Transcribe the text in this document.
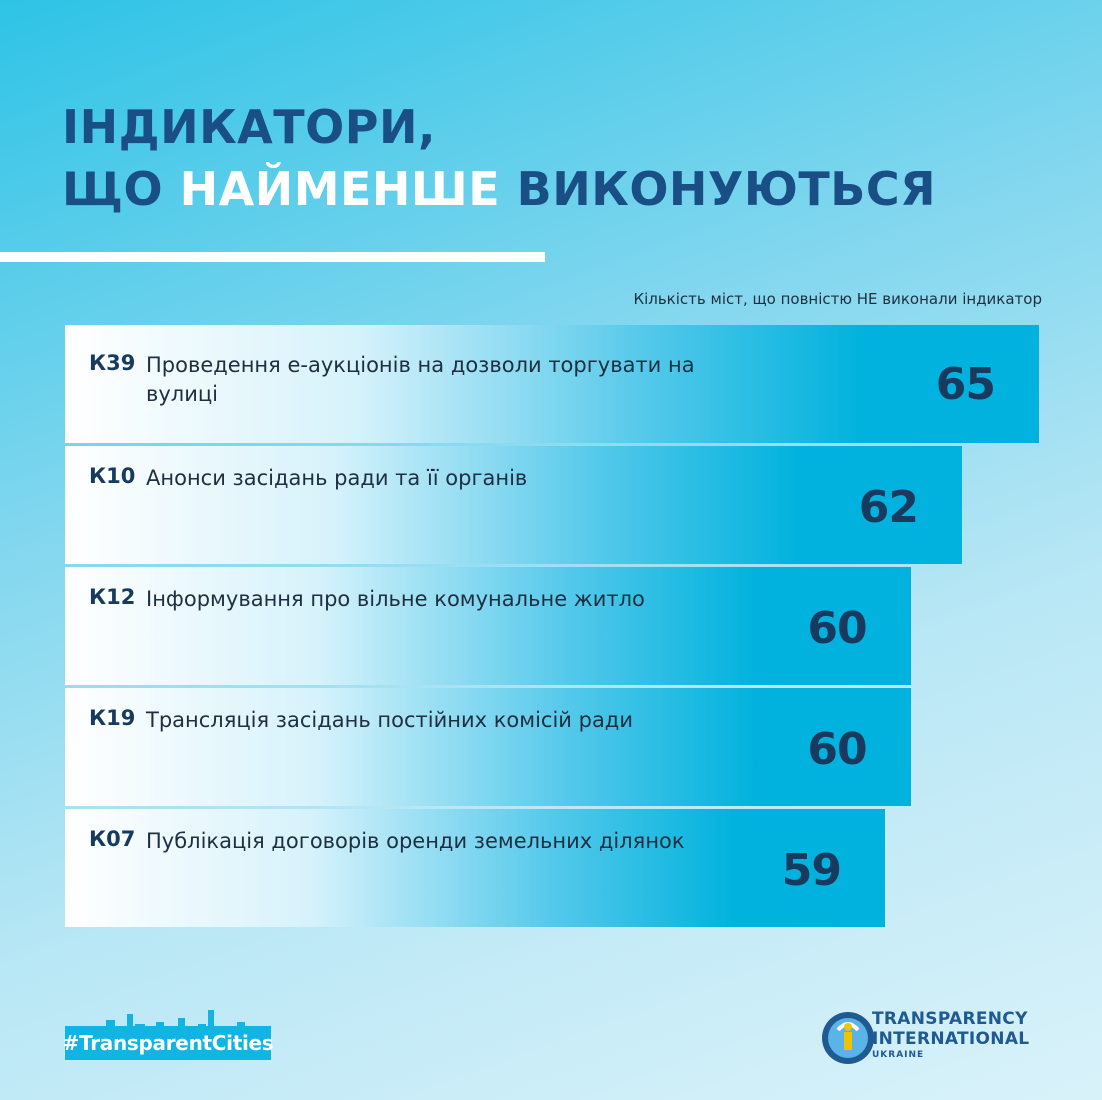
ІНДИКАТОРИ,
ЩО НАЙМЕНШЕ ВИКОНУЮТЬСЯ
Кількість міст, що повністю НЕ виконали індикатор
К39 Проведення е-аукціонів на дозволи торгувати на вулиці	65
К10 Анонси засідань ради та її органів
62
К12 Інформування про вільне комунальне житло
60
К19 Трансляція засідань постійних комісій ради
60
К07 Публікація договорів оренди земельних ділянок
59
#TransparentCities
TRANSPARENCY
INTERNATIONAL
UKRAINE
